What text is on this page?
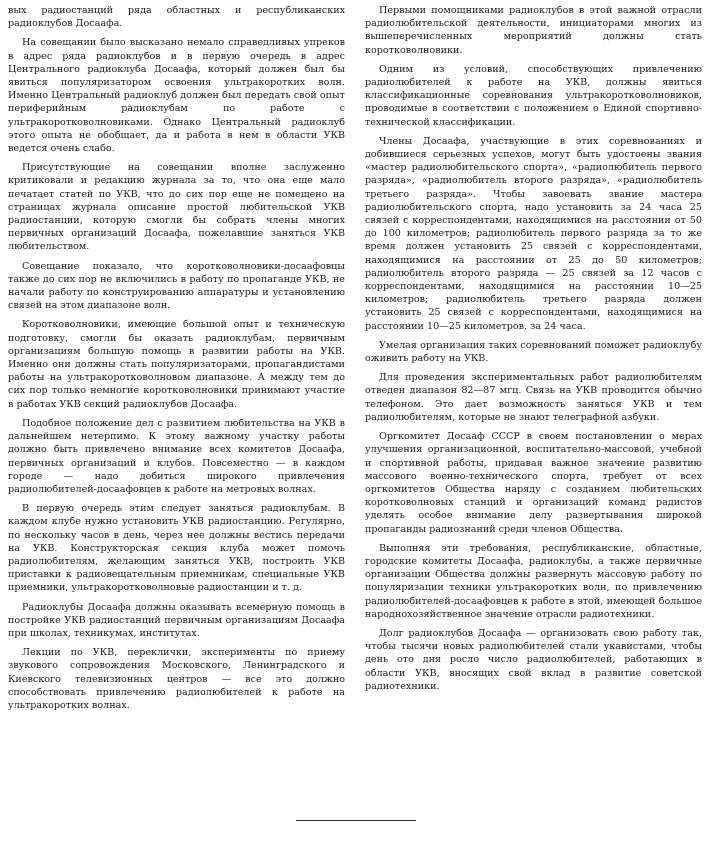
вых радиостанций ряда областных и республиканских радиоклубов Досаафа.

На совещании было высказано немало справедливых упреков в адрес ряда радиоклубов и в первую очередь в адрес Центрального радиоклуба Досаафа, который должен был бы явиться популяризатором освоения ультракоротких волн. Именно Центральный радиоклуб должен был передать свой опыт периферийным радиоклубам по работе с ультракоротковолновиками. Однако Центральный радиоклуб этого опыта не обобщает, да и работа в нем в области УКВ ведется очень слабо.

Присутствующие на совещании вполне заслуженно критиковали и редакцию журнала за то, что она еще мало печатает статей по УКВ, что до сих пор еще не помещено на страницах журнала описание простой любительской УКВ радиостанции, которую смогли бы собрать члены многих первичных организаций Досаафа, пожелавшие заняться УКВ любительством.

Совещание показало, что коротковолновики-досаафовцы также до сих пор не включились в работу по пропаганде УКВ, не начали работу по конструированию аппаратуры и установлению связей на этом диапазоне волн.

Коротковолновики, имеющие большой опыт и техническую подготовку, смогли бы оказать радиоклубам, первичным организациям большую помощь в развитии работы на УКВ. Именно они должны стать популяризаторами, пропагандистами работы на ультракоротковолновом диапазоне. А между тем до сих пор только немногие коротковолновики принимают участие в работах УКВ секций радиоклубов Досаафа.

Подобное положение дел с развитием любительства на УКВ в дальнейшем нетерпимо. К этому важному участку работы должно быть привлечено внимание всех комитетов Досаафа, первичных организаций и клубов. Повсеместно — в каждом городе — надо добиться широкого привлечения радиолюбителей-досаафовцев к работе на метровых волнах.

В первую очередь этим следует заняться радиоклубам. В каждом клубе нужно установить УКВ радиостанцию. Регулярно, по нескольку часов в день, через нее должны вестись передачи на УКВ. Конструкторская секция клуба может помочь радиолюбителям, желающим заняться УКВ, построить УКВ приставки к радиовещательным приемникам, специальные УКВ приемники, ультракоротковолновые радиостанции и т. д.

Радиоклубы Досаафа должны оказывать всемерную помощь в постройке УКВ радиостанций первичным организациям Досаафа при школах, техникумах, институтах.

Лекции по УКВ, переклички, эксперименты по приему звукового сопровождения Московского, Ленинградского и Киевского телевизионных центров — все это должно способствовать привлечению радиолюбителей к работе на ультракоротких волнах.

Первыми помощниками радиоклубов в этой важной отрасли радиолюбительской деятельности, инициаторами многих из вышеперечисленных мероприятий должны стать коротковолновики.

Одним из условий, способствующих привлечению радиолюбителей к работе на УКВ, должны явиться классификационные соревнования ультракоротковолновиков, проводимые в соответствии с положением о Единой спортивно-технической классификации.

Члены Досаафа, участвующие в этих соревнованиях и добившиеся серьезных успехов, могут быть удостоены звания «мастер радиолюбительского спорта», «радиолюбитель первого разряда», «радиолюбитель второго разряда», «радиолюбитель третьего разряда». Чтобы завоевать звание мастера радиолюбительского спорта, надо установить за 24 часа 25 связей с корреспондентами, находящимися на расстоянии от 50 до 100 километров; радиолюбитель первого разряда за то же время должен установить 25 связей с корреспондентами, находящимися на расстоянии от 25 до 50 километров; радиолюбитель второго разряда — 25 связей за 12 часов с корреспондентами, находящимися на расстоянии 10—25 километров; радиолюбитель третьего разряда должен установить 25 связей с корреспондентами, находящимися на расстоянии 10—25 километров, за 24 часа.

Умелая организация таких соревнований поможет радиоклубу оживить работу на УКВ.

Для проведения экспериментальных работ радиолюбителям отведен диапазон 82—87 мгц. Связь на УКВ проводится обычно телефоном. Это дает возможность заняться УКВ и тем радиолюбителям, которые не знают телеграфной азбуки.

Оргкомитет Досааф СССР в своем постановлении о мерах улучшения организационной, воспитательно-массовой, учебной и спортивной работы, придавая важное значение развитию массового военно-технического спорта, требует от всех оргкомитетов Общества наряду с созданием любительских коротковолновых станций и организаций команд радистов уделять особое внимание делу развертывания широкой пропаганды радиознаний среди членов Общества.

Выполняя эти требования, республиканские, областные, городские комитеты Досаафа, радиоклубы, а также первичные организации Общества должны развернуть массовую работу по популяризации техники ультракоротких волн, по привлечению радиолюбителей-досаафовцев к работе в этой, имеющей большое народнохозяйственное значение отрасли радиотехники.

Долг радиоклубов Досаафа — организовать свою работу так, чтобы тысячи новых радиолюбителей стали укавистами, чтобы день ото дня росло число радиолюбителей, работающих в области УКВ, вносящих свой вклад в развитие советской радиотехники.
